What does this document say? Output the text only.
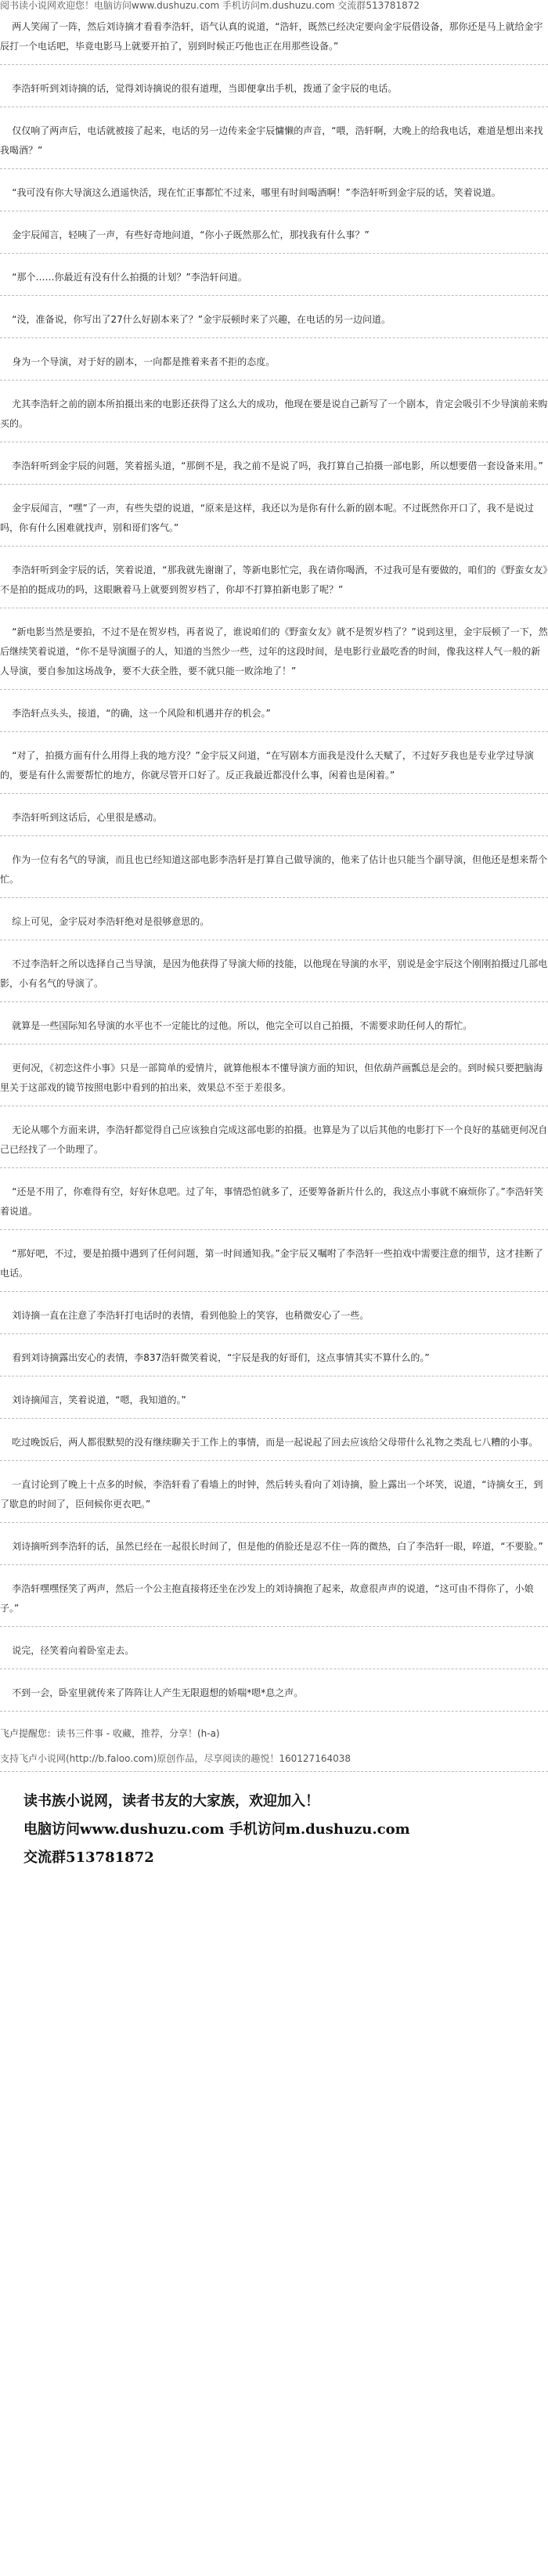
阅书读小说网欢迎您！电脑访问www.dushuzu.com 手机访问m.dushuzu.com 交流群513781872
两人笑闹了一阵，然后刘诗摘才看看李浩轩，语气认真的说道，“浩轩，既然已经决定要向金宇辰借设备，那你还是马上就给金宇辰打一个电话吧，毕竟电影马上就要开拍了，别到时候正巧他也正在用那些设备。”
李浩轩听到刘诗摘的话，觉得刘诗摘说的很有道理，当即便拿出手机，拨通了金宇辰的电话。
仅仅响了两声后，电话就被接了起来，电话的另一边传来金宇辰慵懒的声音，“喂，浩轩啊，大晚上的给我电话，难道是想出来找我喝酒？”
“我可没有你大导演这么逍遥快活，现在忙正事都忙不过来，哪里有时间喝酒啊！”李浩轩听到金宇辰的话，笑着说道。
金宇辰闻言，轻咦了一声，有些好奇地问道，“你小子既然那么忙，那找我有什么事？”
“那个……你最近有没有什么拍摄的计划？”李浩轩问道。
“没，准备说，你写出了27什么好剧本来了？”金宇辰顿时来了兴趣，在电话的另一边问道。
身为一个导演，对于好的剧本，一向都是推着来者不拒的态度。
尤其李浩轩之前的剧本所拍摄出来的电影还获得了这么大的成功，他现在要是说自己新写了一个剧本，肯定会吸引不少导演前来购买的。
李浩轩听到金宇辰的问题，笑着摇头道，“那倒不是，我之前不是说了吗，我打算自己拍摄一部电影，所以想要借一套设备来用。”
金宇辰闻言，“嘿”了一声，有些失望的说道，“原来是这样，我还以为是你有什么新的剧本呢。不过既然你开口了，我不是说过吗，你有什么困难就找声，别和哥们客气。”
李浩轩听到金宇辰的话，笑着说道，“那我就先谢谢了，等新电影忙完，我在请你喝酒，不过我可是有要做的，咱们的《野蛮女友》不是拍的挺成功的吗，这眼瞅着马上就要到贺岁档了，你却不打算拍新电影了呢？”
“新电影当然是要拍，不过不是在贺岁档，再者说了，谁说咱们的《野蛮女友》就不是贺岁档了？”说到这里，金宇辰顿了一下，然后继续笑着说道，“你不是导演圈子的人，知道的当然少一些，过年的这段时间，是电影行业最吃香的时间，像我这样人气一般的新人导演，要自参加这场战争，要不大获全胜，要不就只能一败涂地了！”
李浩轩点头头，接道，“的确，这一个风险和机遇并存的机会。”
“对了，拍摄方面有什么用得上我的地方没？”金宇辰又问道，“在写剧本方面我是没什么天赋了，不过好歹我也是专业学过导演的，要是有什么需要帮忙的地方，你就尽管开口好了。反正我最近都没什么事，闲着也是闲着。”
李浩轩听到这话后，心里很是感动。
作为一位有名气的导演，而且也已经知道这部电影李浩轩是打算自己做导演的，他来了估计也只能当个副导演，但他还是想来帮个忙。
综上可见，金宇辰对李浩轩绝对是很够意思的。
不过李浩轩之所以选择自己当导演，是因为他获得了导演大师的技能，以他现在导演的水平，别说是金宇辰这个刚刚拍摄过几部电影，小有名气的导演了。
就算是一些国际知名导演的水平也不一定能比的过他。所以，他完全可以自己拍摄，不需要求助任何人的帮忙。
更何况，《初恋这件小事》只是一部简单的爱情片，就算他根本不懂导演方面的知识，但依葫芦画瓢总是会的。到时候只要把脑海里关于这部戏的镜节按照电影中看到的拍出来，效果总不至于差很多。
无论从哪个方面来讲，李浩轩都觉得自己应该独自完成这部电影的拍摄。也算是为了以后其他的电影打下一个良好的基础更何况自己已经找了一个助理了。
“还是不用了，你难得有空，好好休息吧。过了年，事情恐怕就多了，还要筹备新片什么的，我这点小事就不麻烦你了。”李浩轩笑着说道。
“那好吧，不过，要是拍摄中遇到了任何问题，第一时间通知我。”金宇辰又嘱咐了李浩轩一些拍戏中需要注意的细节，这才挂断了电话。
刘诗摘一直在注意了李浩轩打电话时的表情，看到他脸上的笑容，也稍微安心了一些。
看到刘诗摘露出安心的表情，李837浩轩微笑着说，“宇辰是我的好哥们，这点事情其实不算什么的。”
刘诗摘闻言，笑着说道，“嗯，我知道的。”
吃过晚饭后，两人都很默契的没有继续聊关于工作上的事情，而是一起说起了回去应该给父母带什么礼物之类乱七八糟的小事。
一直讨论到了晚上十点多的时候，李浩轩看了看墙上的时钟，然后转头看向了刘诗摘，脸上露出一个坏笑，说道，“诗摘女王，到了歇息的时间了，臣伺候你更衣吧。”
刘诗摘听到李浩轩的话，虽然已经在一起很长时间了，但是他的俏脸还是忍不住一阵的微热，白了李浩轩一眼，啐道，“不要脸。”
李浩轩嘿嘿怪笑了两声，然后一个公主抱直接将还坐在沙发上的刘诗摘抱了起来，故意很声声的说道，“这可由不得你了，小娘子。”
说完，径笑着向着卧室走去。
不到一会，卧室里就传来了阵阵让人产生无限遐想的娇喘*嗯*息之声。
飞卢提醒您：读书三件事 - 收藏，推荐，分享！(h-a)
支持飞卢小说网(http://b.faloo.com)原创作品，尽享阅读的趣悦！160127164038
读书族小说网，读者书友的大家族，欢迎加入！
电脑访问www.dushuzu.com 手机访问m.dushuzu.com
交流群513781872
